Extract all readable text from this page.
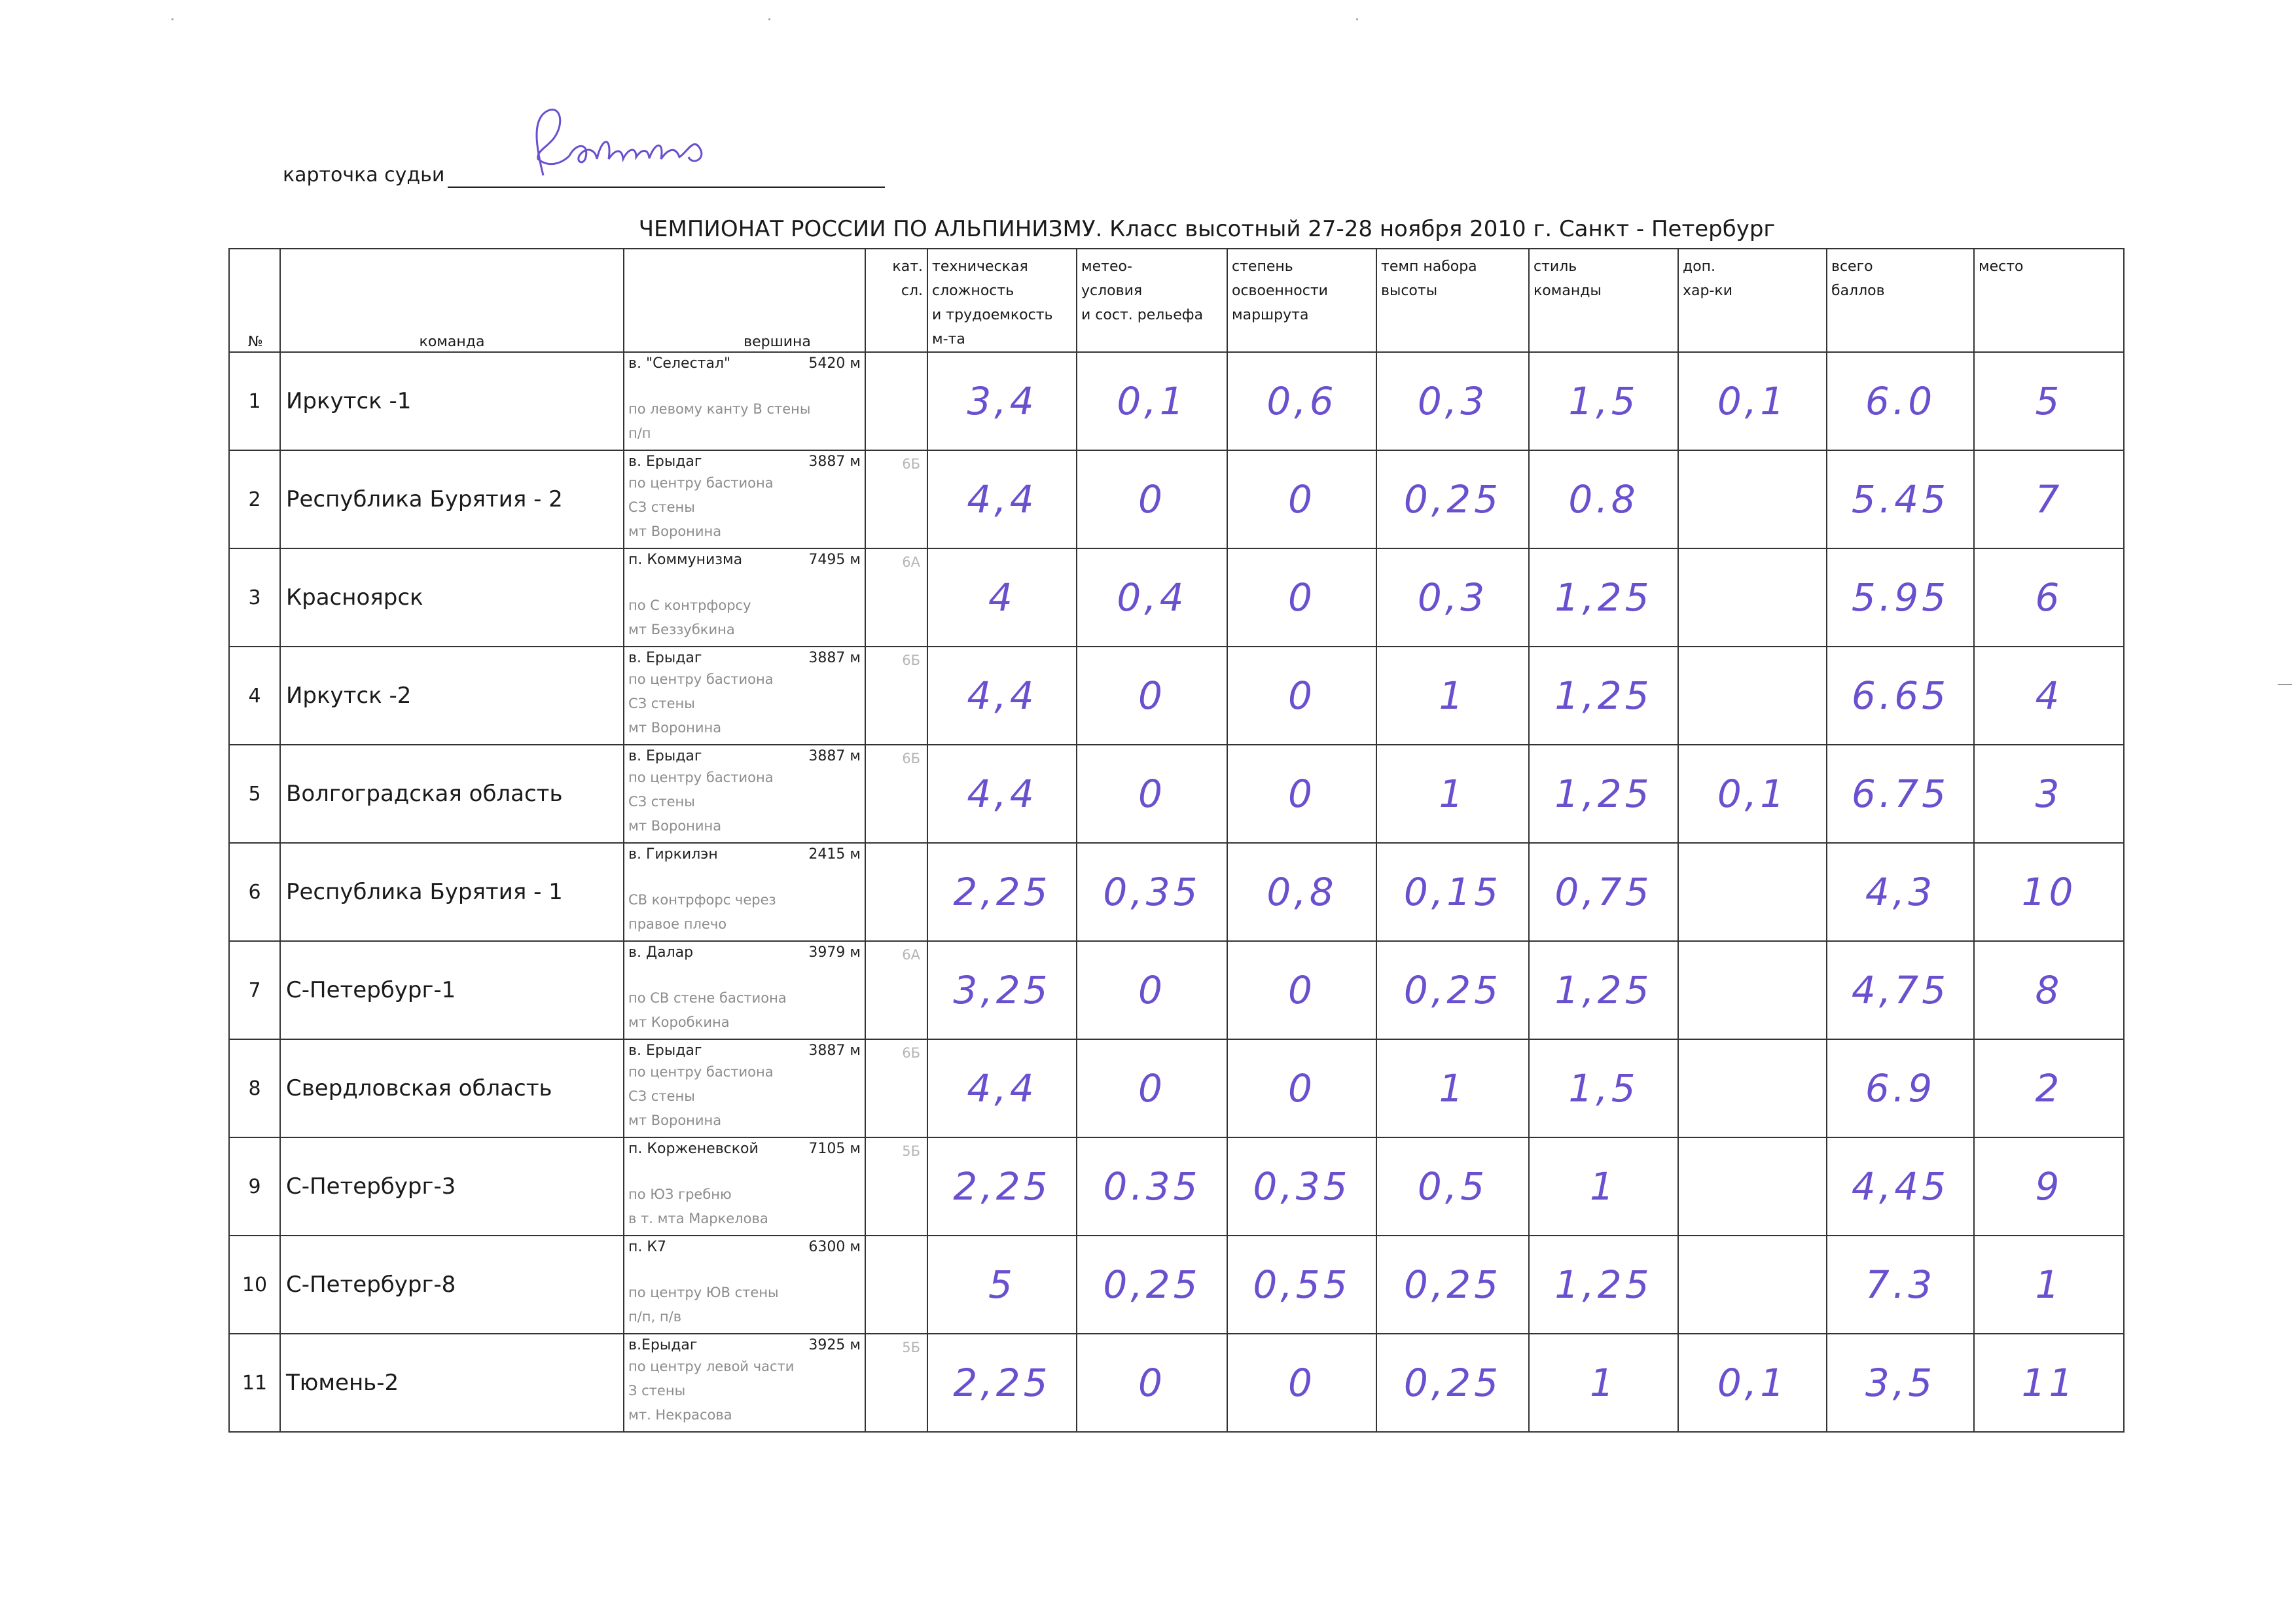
карточка судьи
ЧЕМПИОНАТ РОССИИ ПО АЛЬПИНИЗМУ. Класс высотный 27-28 ноября 2010 г. Санкт - Петербург
№	команда	вершина	кат.
сл.	техническая
сложность
и трудоемкость
м-та	метео-
условия
и сост. рельефа	степень
освоенности
маршрута	темп набора
высоты	стиль
команды	доп.
хар-ки	всего
баллов	место

1	Иркутск -1	в. "Селестал" 5420 м

по левому канту В стены
п/п		3,4	0,1	0,6	0,3	1,5	0,1	6.0	5
2	Республика Бурятия - 2	в. Ерыдаг 3887 м
по центру бастиона
СЗ стены
мт Воронина	6Б	4,4	0	0	0,25	0.8		5.45	7
3	Красноярск	п. Коммунизма 7495 м

по С контрфорсу
мт Беззубкина	6А	4	0,4	0	0,3	1,25		5.95	6
4	Иркутск -2	в. Ерыдаг 3887 м
по центру бастиона
СЗ стены
мт Воронина	6Б	4,4	0	0	1	1,25		6.65	4
5	Волгоградская область	в. Ерыдаг 3887 м
по центру бастиона
СЗ стены
мт Воронина	6Б	4,4	0	0	1	1,25	0,1	6.75	3
6	Республика Бурятия - 1	в. Гиркилэн 2415 м

СВ контрфорс через
правое плечо		2,25	0,35	0,8	0,15	0,75		4,3	10
7	С-Петербург-1	в. Далар 3979 м

по СВ стене бастиона
мт Коробкина	6А	3,25	0	0	0,25	1,25		4,75	8
8	Свердловская область	в. Ерыдаг 3887 м
по центру бастиона
СЗ стены
мт Воронина	6Б	4,4	0	0	1	1,5		6.9	2
9	С-Петербург-3	п. Корженевской 7105 м

по ЮЗ гребню
в т. мта Маркелова	5Б	2,25	0.35	0,35	0,5	1		4,45	9
10	С-Петербург-8	п. К7 6300 м

по центру ЮВ стены
п/п, п/в		5	0,25	0,55	0,25	1,25		7.3	1
11	Тюмень-2	в.Ерыдаг 3925 м
по центру левой части
З стены
мт. Некрасова	5Б	2,25	0	0	0,25	1	0,1	3,5	11
